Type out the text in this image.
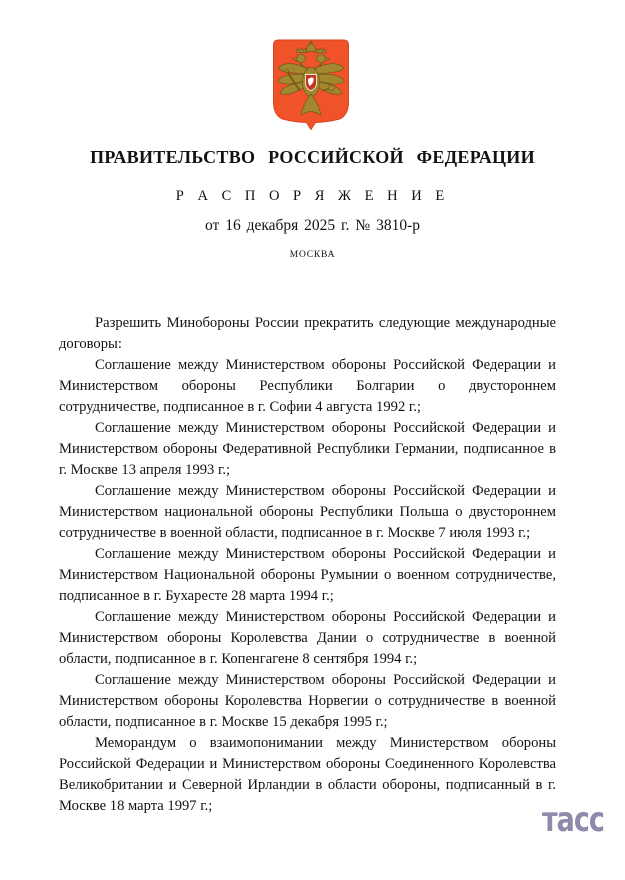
ПРАВИТЕЛЬСТВО РОССИЙСКОЙ ФЕДЕРАЦИИ
Р А С П О Р Я Ж Е Н И Е
от 16 декабря 2025 г. № 3810-р
МОСКВА

Разрешить Минобороны России прекратить следующие международные договоры:

Соглашение между Министерством обороны Российской Федерации и Министерством обороны Республики Болгарии о двустороннем сотрудничестве, подписанное в г. Софии 4 августа 1992 г.;

Соглашение между Министерством обороны Российской Федерации и Министерством обороны Федеративной Республики Германии, подписанное в г. Москве 13 апреля 1993 г.;

Соглашение между Министерством обороны Российской Федерации и Министерством национальной обороны Республики Польша о двустороннем сотрудничестве в военной области, подписанное в г. Москве 7 июля 1993 г.;

Соглашение между Министерством обороны Российской Федерации и Министерством Национальной обороны Румынии о военном сотрудничестве, подписанное в г. Бухаресте 28 марта 1994 г.;

Соглашение между Министерством обороны Российской Федерации и Министерством обороны Королевства Дании о сотрудничестве в военной области, подписанное в г. Копенгагене 8 сентября 1994 г.;

Соглашение между Министерством обороны Российской Федерации и Министерством обороны Королевства Норвегии о сотрудничестве в военной области, подписанное в г. Москве 15 декабря 1995 г.;

Меморандум о взаимопонимании между Министерством обороны Российской Федерации и Министерством обороны Соединенного Королевства Великобритании и Северной Ирландии в области обороны, подписанный в г. Москве 18 марта 1997 г.;	тасс
